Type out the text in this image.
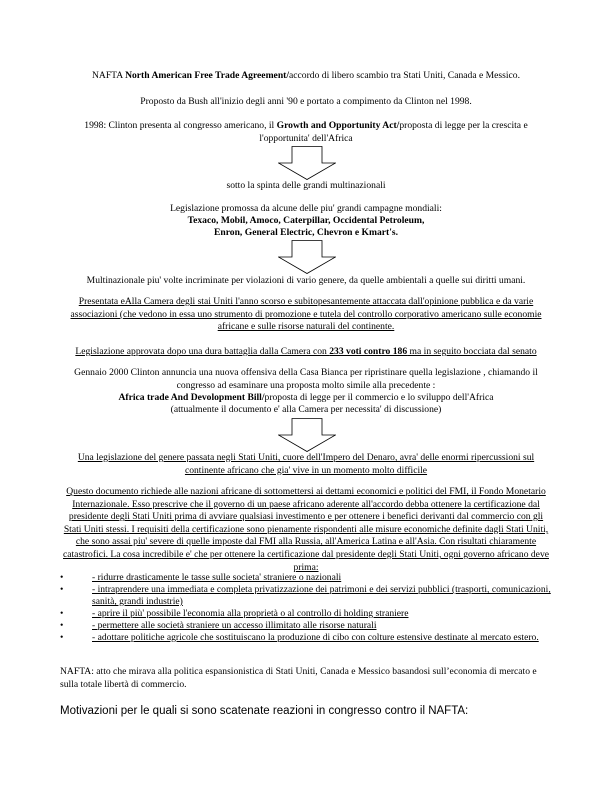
NAFTA North American Free Trade Agreement/accordo di libero scambio tra Stati Uniti, Canada e Messico.

Proposto da Bush all'inizio degli anni '90 e portato a compimento da Clinton nel 1998.

1998: Clinton presenta al congresso americano, il Growth and Opportunity Act/proposta di legge per la crescita e l'opportunita' dell'Africa

sotto la spinta delle grandi multinazionali

Legislazione promossa da alcune delle piu' grandi campagne mondiali:

Texaco, Mobil, Amoco, Caterpillar, Occidental Petroleum,

Enron, General Electric, Chevron e Kmart's.

Multinazionale piu' volte incriminate per violazioni di vario genere, da quelle ambientali a quelle sui diritti umani.

Presentata eAlla Camera degli stai Uniti l'anno scorso e subitopesantemente attaccata dall'opinione pubblica e da varie associazioni (che vedono in essa uno strumento di promozione e tutela del controllo corporativo americano sulle economie africane e sulle risorse naturali del continente.

Legislazione approvata dopo una dura battaglia dalla Camera con 233 voti contro 186 ma in seguito bocciata dal senato

Gennaio 2000 Clinton annuncia una nuova offensiva della Casa Bianca per ripristinare quella legislazione , chiamando il congresso ad esaminare una proposta molto simile alla precedente :

Africa trade And Devolopment Bill/proposta di legge per il commercio e lo sviluppo dell'Africa

(attualmente il documento e' alla Camera per necessita' di discussione)

Una legislazione del genere passata negli Stati Uniti, cuore dell'Impero del Denaro, avra' delle enormi ripercussioni sul continente africano che gia' vive in un momento molto difficile

Questo documento richiede alle nazioni africane di sottomettersi ai dettami economici e politici del FMI, il Fondo Monetario Internazionale. Esso prescrive che il governo di un paese africano aderente all'accordo debba ottenere la certificazione dal presidente degli Stati Uniti prima di avviare qualsiasi investimento e per ottenere i benefici derivanti dal commercio con gli Stati Uniti stessi. I requisiti della certificazione sono pienamente rispondenti alle misure economiche definite dagli Stati Uniti, che sono assai piu' severe di quelle imposte dal FMI alla Russia, all'America Latina e all'Asia. Con risultati chiaramente catastrofici. La cosa incredibile e' che per ottenere la certificazione dal presidente degli Stati Uniti, ogni governo africano deve prima:

•	- ridurre drasticamente le tasse sulle societa' straniere o nazionali
•	- intraprendere una immediata e completa privatizzazione dei patrimoni e dei servizi pubblici (trasporti, comunicazioni, sanità, grandi industrie)
•	- aprire il più' possibile l'economia alla proprietà o al controllo di holding straniere
•	- permettere alle società straniere un accesso illimitato alle risorse naturali
•	- adottare politiche agricole che sostituiscano la produzione di cibo con colture estensive destinate al mercato estero.

NAFTA: atto che mirava alla politica espansionistica di Stati Uniti, Canada e Messico basandosi sull’economia di mercato e sulla totale libertà di commercio.

Motivazioni per le quali si sono scatenate reazioni in congresso contro il NAFTA:
